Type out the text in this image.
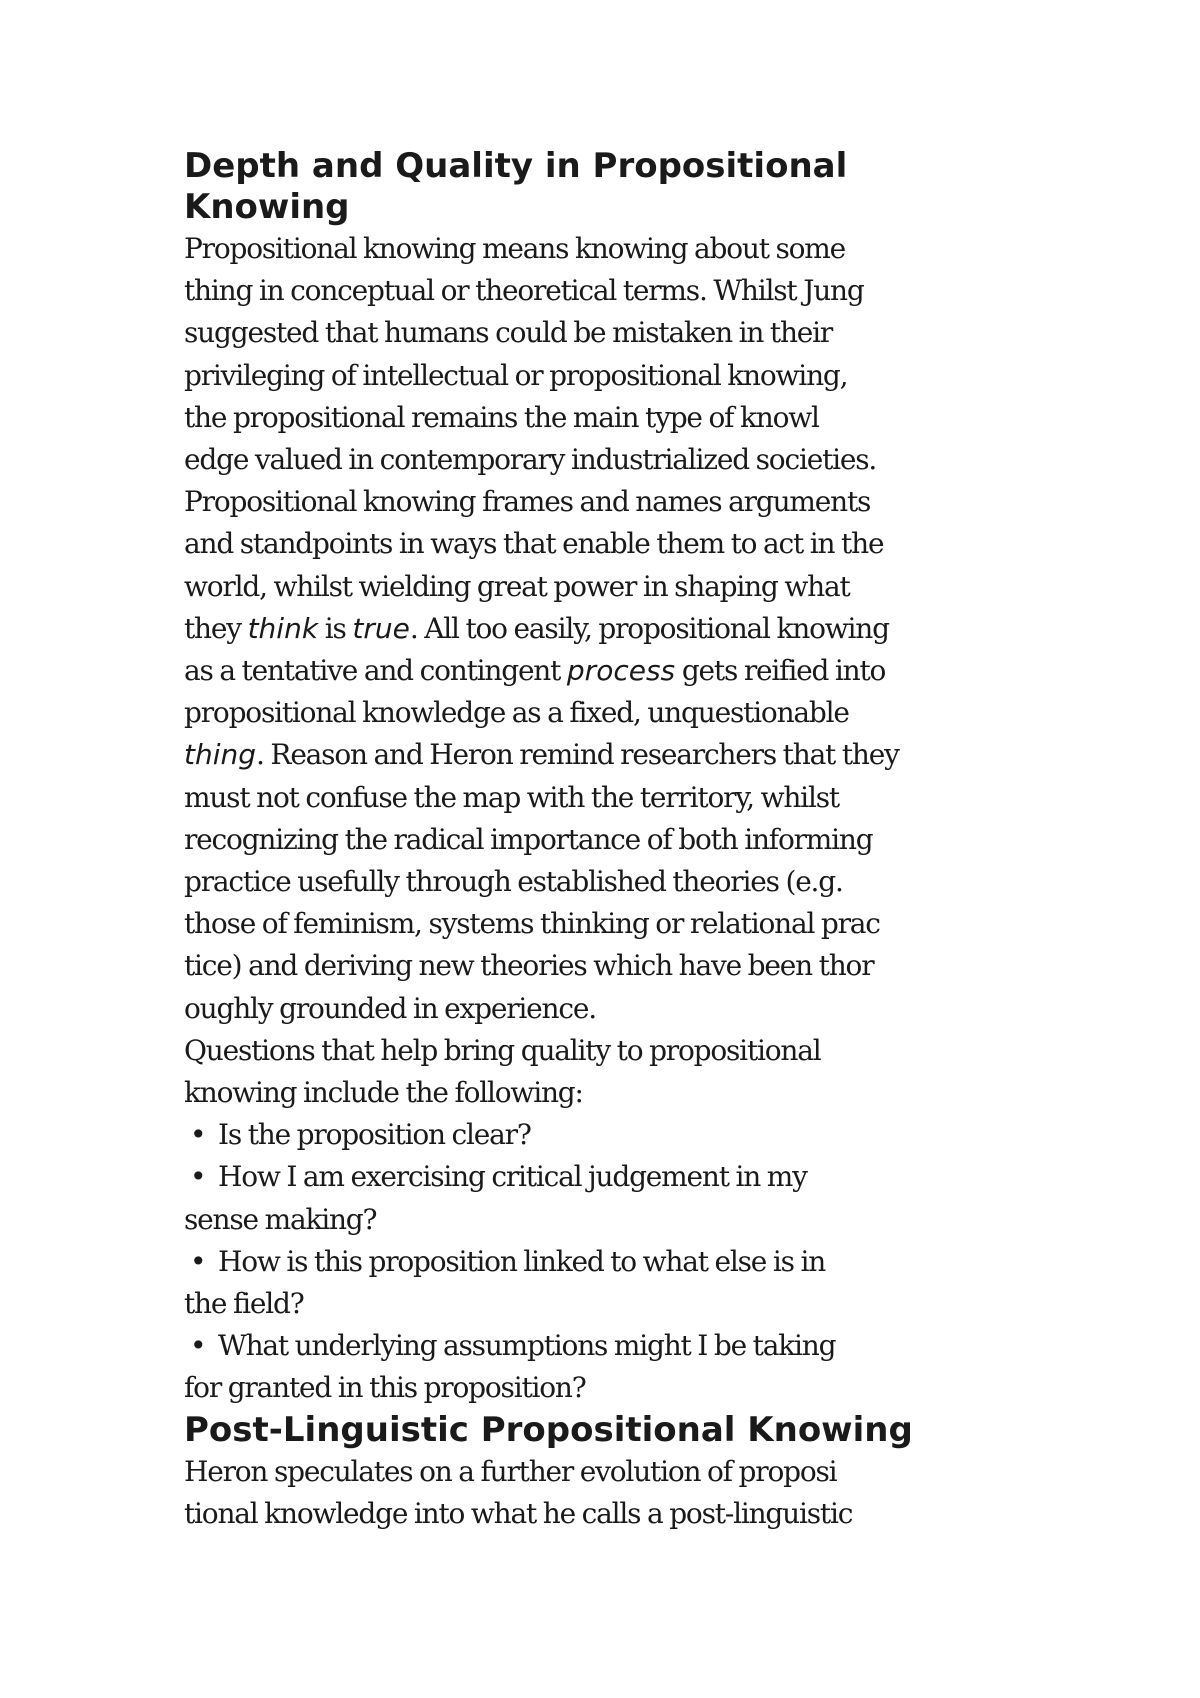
Depth and Quality in Propositional
Knowing
Propositional knowing means knowing about some
thing in conceptual or theoretical terms. Whilst Jung
suggested that humans could be mistaken in their
privileging of intellectual or propositional knowing,
the propositional remains the main type of knowl
edge valued in contemporary industrialized societies.
Propositional knowing frames and names arguments
and standpoints in ways that enable them to act in the
world, whilst wielding great power in shaping what
they think is true. All too easily, propositional knowing
as a tentative and contingent process gets reified into
propositional knowledge as a fixed, unquestionable
thing. Reason and Heron remind researchers that they
must not confuse the map with the territory, whilst
recognizing the radical importance of both informing
practice usefully through established theories (e.g.
those of feminism, systems thinking or relational prac
tice) and deriving new theories which have been thor
oughly grounded in experience.
Questions that help bring quality to propositional
knowing include the following:
• Is the proposition clear?
• How I am exercising critical judgement in my
sense making?
• How is this proposition linked to what else is in
the field?
• What underlying assumptions might I be taking
for granted in this proposition?
Post-Linguistic Propositional Knowing
Heron speculates on a further evolution of proposi
tional knowledge into what he calls a post-linguistic
